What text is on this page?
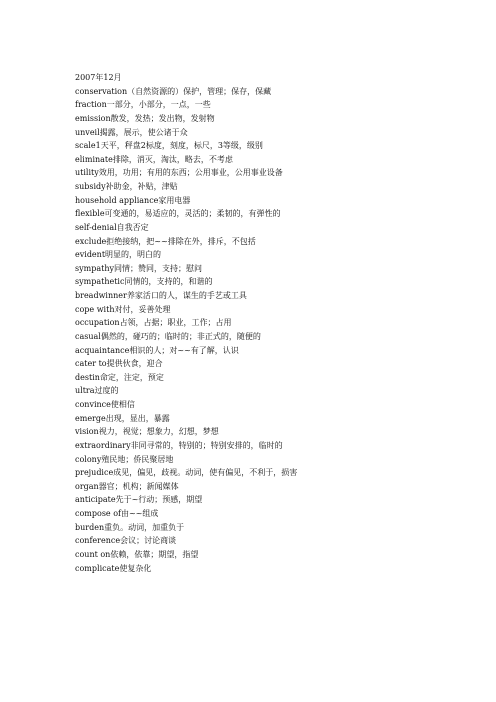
2007年12月

conservation（自然资源的）保护，管理；保存，保藏
fraction一部分，小部分，一点，一些
emission散发，发热；发出物，发射物
unveil揭露，展示，使公诸于众
scale1天平，秤盘2标度，刻度，标尺，3等级，级别
eliminate排除，消灭，淘汰，略去，不考虑
utility效用，功用；有用的东西；公用事业，公用事业设备
subsidy补助金，补贴，津贴
household appliance家用电器
flexible可变通的，易适应的，灵活的；柔韧的，有弹性的
self-denial自我否定
exclude拒绝接纳，把~~排除在外，排斥，不包括
evident明显的，明白的
sympathy同情；赞同，支持；慰问
sympathetic同情的，支持的，和谐的
breadwinner养家活口的人，谋生的手艺或工具
cope with对付，妥善处理
occupation占领，占据；职业，工作；占用
casual偶然的，碰巧的；临时的；非正式的，随便的
acquaintance相识的人；对~~有了解，认识
cater to提供伙食，迎合
destin命定，注定，预定
ultra过度的
convince使相信
emerge出现，显出，暴露
vision视力，视觉；想象力，幻想，梦想
extraordinary非同寻常的，特别的；特别安排的，临时的
colony殖民地；侨民聚居地
prejudice成见，偏见，歧视。动词，使有偏见，不利于，损害
organ器官；机构；新闻媒体
anticipate先于~行动；预感，期望
compose of由~~组成
burden重负。动词，加重负于
conference会议；讨论商谈
count on依赖，依靠；期望，指望
complicate使复杂化
